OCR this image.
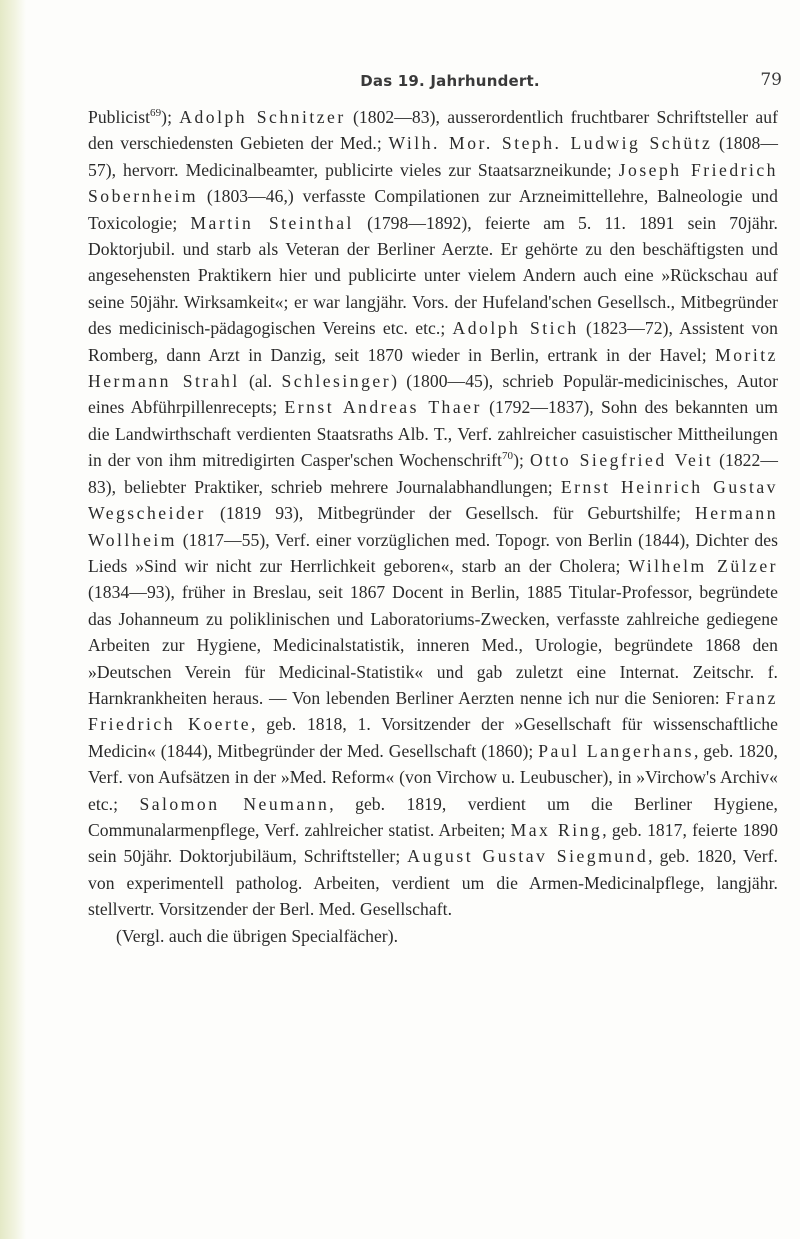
Das 19. Jahrhundert.	79

Publicist$^{69}$); Adolph Schnitzer (1802—83), ausserordentlich fruchtbarer Schriftsteller auf den verschiedensten Gebieten der Med.; Wilh. Mor. Steph. Ludwig Schütz (1808—57), hervorr. Medicinalbeamter, publicirte vieles zur Staatsarzneikunde; Joseph Friedrich Sobernheim (1803—46,) verfasste Compilationen zur Arzneimittellehre, Balneologie und Toxicologie; Martin Steinthal (1798—1892), feierte am 5. 11. 1891 sein 70jähr. Doktorjubil. und starb als Veteran der Berliner Aerzte. Er gehörte zu den beschäftigsten und angesehensten Praktikern hier und publicirte unter vielem Andern auch eine »Rückschau auf seine 50jähr. Wirksamkeit«; er war langjähr. Vors. der Hufeland'schen Gesellsch., Mitbegründer des medicinisch-pädagogischen Vereins etc. etc.; Adolph Stich (1823—72), Assistent von Romberg, dann Arzt in Danzig, seit 1870 wieder in Berlin, ertrank in der Havel; Moritz Hermann Strahl (al. Schlesinger) (1800—45), schrieb Populär-medicinisches, Autor eines Abführpillenrecepts; Ernst Andreas Thaer (1792—1837), Sohn des bekannten um die Landwirthschaft verdienten Staatsraths Alb. T., Verf. zahlreicher casuistischer Mittheilungen in der von ihm mitredigirten Casper'schen Wochenschrift$^{70}$); Otto Siegfried Veit (1822—83), beliebter Praktiker, schrieb mehrere Journalabhandlungen; Ernst Heinrich Gustav Wegscheider (1819 93), Mitbegründer der Gesellsch. für Geburtshilfe; Hermann Wollheim (1817—55), Verf. einer vorzüglichen med. Topogr. von Berlin (1844), Dichter des Lieds »Sind wir nicht zur Herrlichkeit geboren«, starb an der Cholera; Wilhelm Zülzer (1834—93), früher in Breslau, seit 1867 Docent in Berlin, 1885 Titular-Professor, begründete das Johanneum zu poliklinischen und Laboratoriums-Zwecken, verfasste zahlreiche gediegene Arbeiten zur Hygiene, Medicinalstatistik, inneren Med., Urologie, begründete 1868 den »Deutschen Verein für Medicinal-Statistik« und gab zuletzt eine Internat. Zeitschr. f. Harnkrankheiten heraus. — Von lebenden Berliner Aerzten nenne ich nur die Senioren: Franz Friedrich Koerte, geb. 1818, 1. Vorsitzender der »Gesellschaft für wissenschaftliche Medicin« (1844), Mitbegründer der Med. Gesellschaft (1860); Paul Langerhans, geb. 1820, Verf. von Aufsätzen in der »Med. Reform« (von Virchow u. Leubuscher), in »Virchow's Archiv« etc.; Salomon Neumann, geb. 1819, verdient um die Berliner Hygiene, Communalarmenpflege, Verf. zahlreicher statist. Arbeiten; Max Ring, geb. 1817, feierte 1890 sein 50jähr. Doktorjubiläum, Schriftsteller; August Gustav Siegmund, geb. 1820, Verf. von experimentell patholog. Arbeiten, verdient um die Armen-Medicinalpflege, langjähr. stellvertr. Vorsitzender der Berl. Med. Gesellschaft.

(Vergl. auch die übrigen Specialfächer).
